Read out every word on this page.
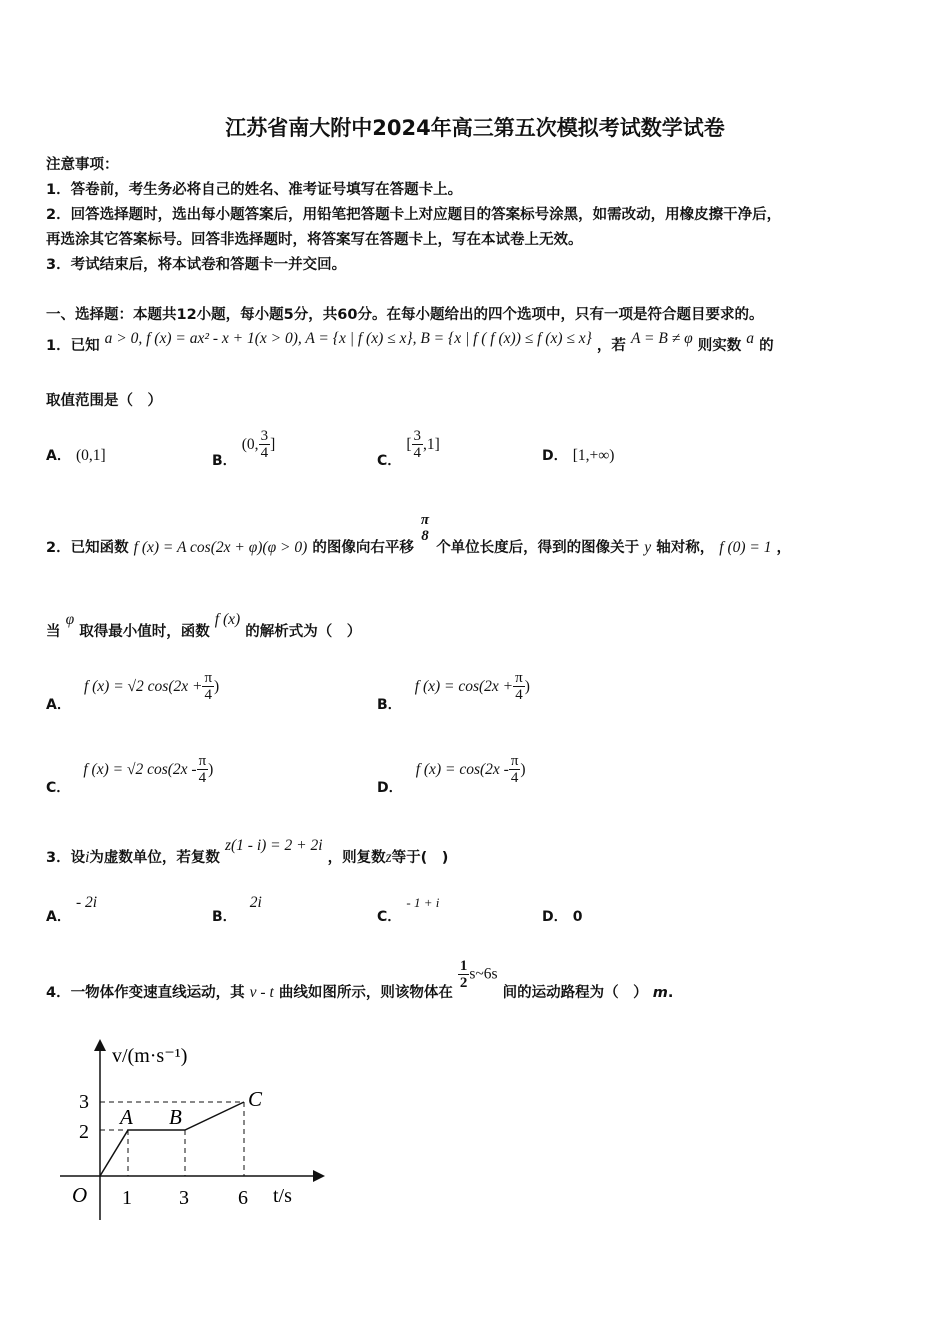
江苏省南大附中2024年高三第五次模拟考试数学试卷
注意事项：
1．答卷前，考生务必将自己的姓名、准考证号填写在答题卡上。
2．回答选择题时，选出每小题答案后，用铅笔把答题卡上对应题目的答案标号涂黑，如需改动，用橡皮擦干净后，
再选涂其它答案标号。回答非选择题时，将答案写在答题卡上，写在本试卷上无效。
3．考试结束后，将本试卷和答题卡一并交回。
一、选择题：本题共12小题，每小题5分，共60分。在每小题给出的四个选项中，只有一项是符合题目要求的。
1．已知 a > 0, f (x) = ax² - x + 1(x > 0), A = {x | f (x) ≤ x}, B = {x | f ( f (x)) ≤ f (x) ≤ x} ，若 A = B ≠ φ 则实数 a 的
取值范围是（　）
A． (0,1]	B． (0, $\frac{3}{4}$ ]
C． [ $\frac{3}{4} ,1$]
D． [1,+∞)
2．已知函数 f (x) = A cos(2x + φ)(φ > 0) 的图像向右平移
π
8
个单位长度后，得到的图像关于 y 轴对称， f (0) = 1 ，
当 φ 取得最小值时，函数 f (x) 的解析式为（　）
A． f (x) = √2 $\cos(2x + \frac{\pi}{4}$ )
B． f $(x) = \cos(2x + \frac{\pi}{4}$ )
C． f (x) = √2 $\cos(2x - \frac{\pi}{4}$ )
D． f $(x) = \cos(2x - \frac{\pi}{4}$ )
3．设i为虚数单位，若复数 z(1 - i) = 2 + 2i ，则复数z等于(　)
A． - 2i
B． 2i
C． - 1 + i
D． 0
4．一物体作变速直线运动，其 v - t 曲线如图所示，则该物体在
$\frac{1}{2}$ s~6s 间的运动路程为（　） m.
v/(m·s⁻¹)
t/s
O
3
2
1 3 6
A B
C
